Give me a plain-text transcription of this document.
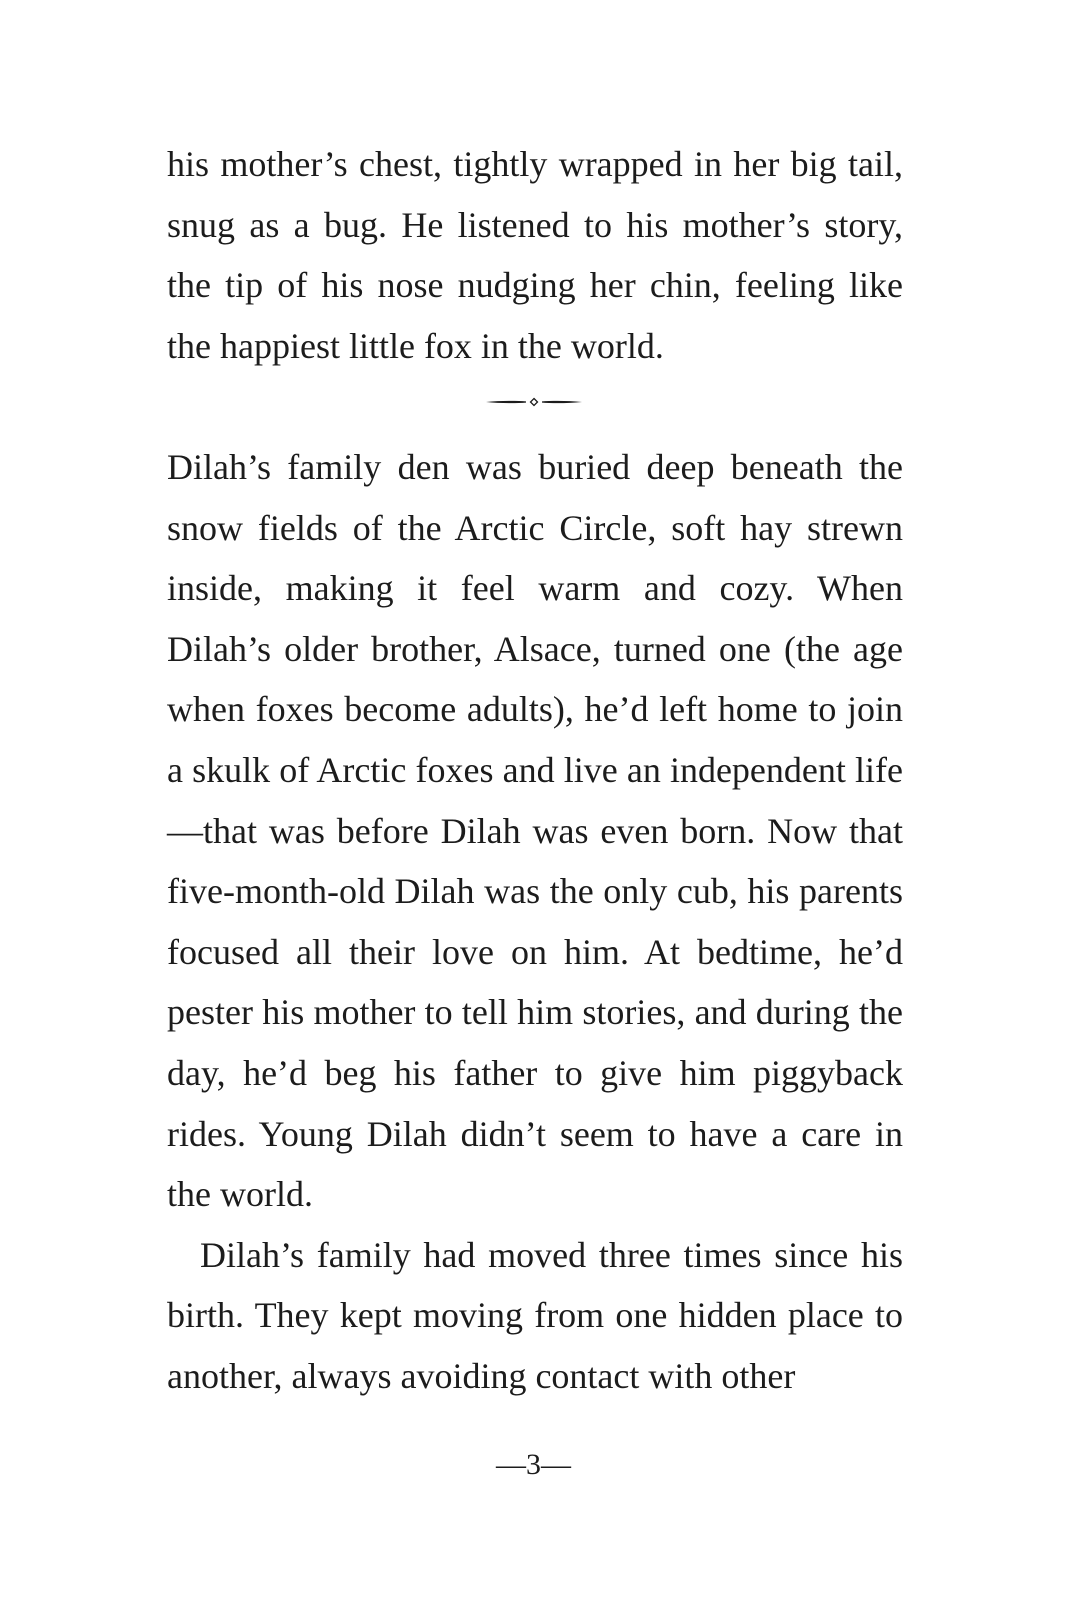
his mother’s chest, tightly wrapped in her big tail, snug as a bug. He listened to his mother’s story, the tip of his nose nudging her chin, feeling like the happiest little fox in the world.

Dilah’s family den was buried deep beneath the snow fields of the Arctic Circle, soft hay strewn inside, making it feel warm and cozy. When Dilah’s older brother, Alsace, turned one (the age when foxes become adults), he’d left home to join a skulk of Arctic foxes and live an independent life—that was before Dilah was even born. Now that five-month-old Dilah was the only cub, his parents focused all their love on him. At bedtime, he’d pester his mother to tell him stories, and during the day, he’d beg his father to give him piggyback rides. Young Dilah didn’t seem to have a care in the world.

Dilah’s family had moved three times since his birth. They kept moving from one hidden place to another, always avoiding contact with other

—3—
